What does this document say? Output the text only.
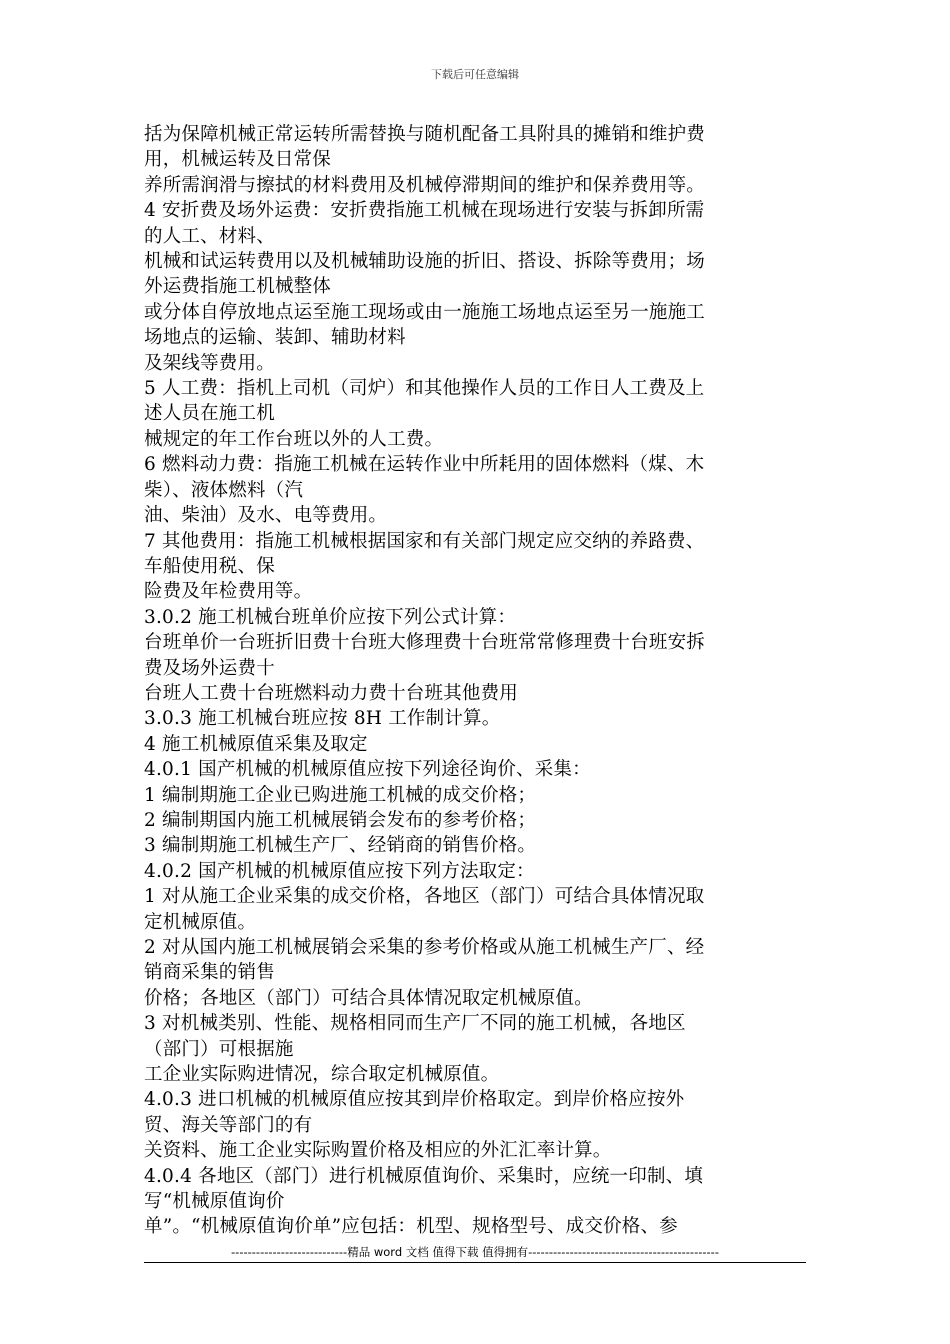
下载后可任意编辑
括为保障机械正常运转所需替换与随机配备工具附具的摊销和维护费
用，机械运转及日常保
养所需润滑与擦拭的材料费用及机械停滞期间的维护和保养费用等。
4 安折费及场外运费：安折费指施工机械在现场进行安装与拆卸所需
的人工、材料、
机械和试运转费用以及机械辅助设施的折旧、搭设、拆除等费用；场
外运费指施工机械整体
或分体自停放地点运至施工现场或由一施施工场地点运至另一施施工
场地点的运输、装卸、辅助材料
及架线等费用。
5 人工费：指机上司机（司炉）和其他操作人员的工作日人工费及上
述人员在施工机
械规定的年工作台班以外的人工费。
6 燃料动力费：指施工机械在运转作业中所耗用的固体燃料（煤、木
柴）、液体燃料（汽
油、柴油）及水、电等费用。
7 其他费用：指施工机械根据国家和有关部门规定应交纳的养路费、
车船使用税、保
险费及年检费用等。
3.0.2 施工机械台班单价应按下列公式计算：
台班单价一台班折旧费十台班大修理费十台班常常修理费十台班安拆
费及场外运费十
台班人工费十台班燃料动力费十台班其他费用
3.0.3 施工机械台班应按 8H 工作制计算。
4 施工机械原值采集及取定
4.0.1 国产机械的机械原值应按下列途径询价、采集：
1 编制期施工企业已购进施工机械的成交价格；
2 编制期国内施工机械展销会发布的参考价格；
3 编制期施工机械生产厂、经销商的销售价格。
4.0.2 国产机械的机械原值应按下列方法取定：
1 对从施工企业采集的成交价格，各地区（部门）可结合具体情况取
定机械原值。
2 对从国内施工机械展销会采集的参考价格或从施工机械生产厂、经
销商采集的销售
价格；各地区（部门）可结合具体情况取定机械原值。
3 对机械类别、性能、规格相同而生产厂不同的施工机械，各地区
（部门）可根据施
工企业实际购进情况，综合取定机械原值。
4.0.3 进口机械的机械原值应按其到岸价格取定。到岸价格应按外
贸、海关等部门的有
关资料、施工企业实际购置价格及相应的外汇汇率计算。
4.0.4 各地区（部门）进行机械原值询价、采集时，应统一印制、填
写“机械原值询价
单”。“机械原值询价单”应包括：机型、规格型号、成交价格、参
----------------------------精品 word 文档 值得下载 值得拥有----------------------------------------------
